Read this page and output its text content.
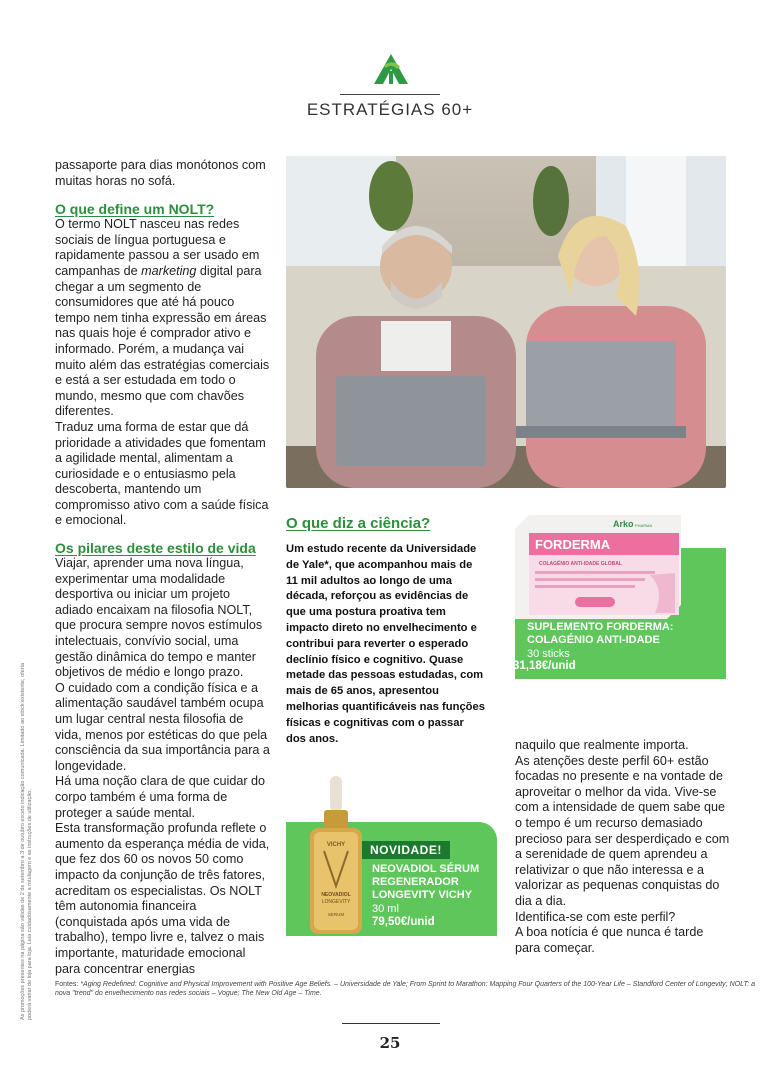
ESTRATÉGIAS 60+

passaporte para dias monótonos com muitas horas no sofá.

O que define um NOLT?

O termo NOLT nasceu nas redes sociais de língua portuguesa e rapidamente passou a ser usado em campanhas de marketing digital para chegar a um segmento de consumidores que até há pouco tempo nem tinha expressão em áreas nas quais hoje é comprador ativo e informado. Porém, a mudança vai muito além das estratégias comerciais e está a ser estudada em todo o mundo, mesmo que com chavões diferentes.

Traduz uma forma de estar que dá prioridade a atividades que fomentam a agilidade mental, alimentam a curiosidade e o entusiasmo pela descoberta, mantendo um compromisso ativo com a saúde física e emocional.

Os pilares deste estilo de vida

Viajar, aprender uma nova língua, experimentar uma modalidade desportiva ou iniciar um projeto adiado encaixam na filosofia NOLT, que procura sempre novos estímulos intelectuais, convívio social, uma gestão dinâmica do tempo e manter objetivos de médio e longo prazo.

O cuidado com a condição física e a alimentação saudável também ocupa um lugar central nesta filosofia de vida, menos por estéticas do que pela consciência da sua importância para a longevidade.

Há uma noção clara de que cuidar do corpo também é uma forma de proteger a saúde mental.

Esta transformação profunda reflete o aumento da esperança média de vida, que fez dos 60 os novos 50 como impacto da conjunção de três fatores, acreditam os especialistas. Os NOLT têm autonomia financeira (conquistada após uma vida de trabalho), tempo livre e, talvez o mais importante, maturidade emocional para concentrar energias

O que diz a ciência?
Um estudo recente da Universidade de Yale*, que acompanhou mais de 11 mil adultos ao longo de uma década, reforçou as evidências de que uma postura proativa tem impacto direto no envelhecimento e contribui para reverter o esperado declínio físico e cognitivo. Quase metade das pessoas estudadas, com mais de 65 anos, apresentou melhorias quantificáveis nas funções físicas e cognitivas com o passar dos anos.
Arko PHARMA
FORDERMA
COLAGÉNIO ANTI-IDADE GLOBAL
SUPLEMENTO FORDERMA: COLAGÉNIO ANTI-IDADE
30 sticks
31,18€/unid

naquilo que realmente importa.

As atenções deste perfil 60+ estão focadas no presente e na vontade de aproveitar o melhor da vida. Vive-se com a intensidade de quem sabe que o tempo é um recurso demasiado precioso para ser desperdiçado e com a serenidade de quem aprendeu a relativizar o que não interessa e a valorizar as pequenas conquistas do dia a dia.

Identifica-se com este perfil?

A boa notícia é que nunca é tarde para começar.

VICHY
NEOVADIOL
LONGEVITY
SERUM
NOVIDADE!
NEOVADIOL SÉRUM REGENERADOR LONGEVITY VICHY
30 ml
79,50€/unid
As promoções presentes na página são válidas de 2 de setembro a 3 de outubro exceto indicação comunicada. Limitado ao stock existente; oferta poderá variar de loja para loja. Leia cuidadosamente a rotulagem e as instruções de utilização.	Fontes: *Aging Redefined: Cognitive and Physical Improvement with Positive Age Beliefs. – Universidade de Yale; From Sprint to Marathon: Mapping Four Quarters of the 100-Year Life – Standford Center of Longevity; NOLT: a nova "trend" do envelhecimento nas redes sociais – Vogue; The New Old Age – Time.
25
